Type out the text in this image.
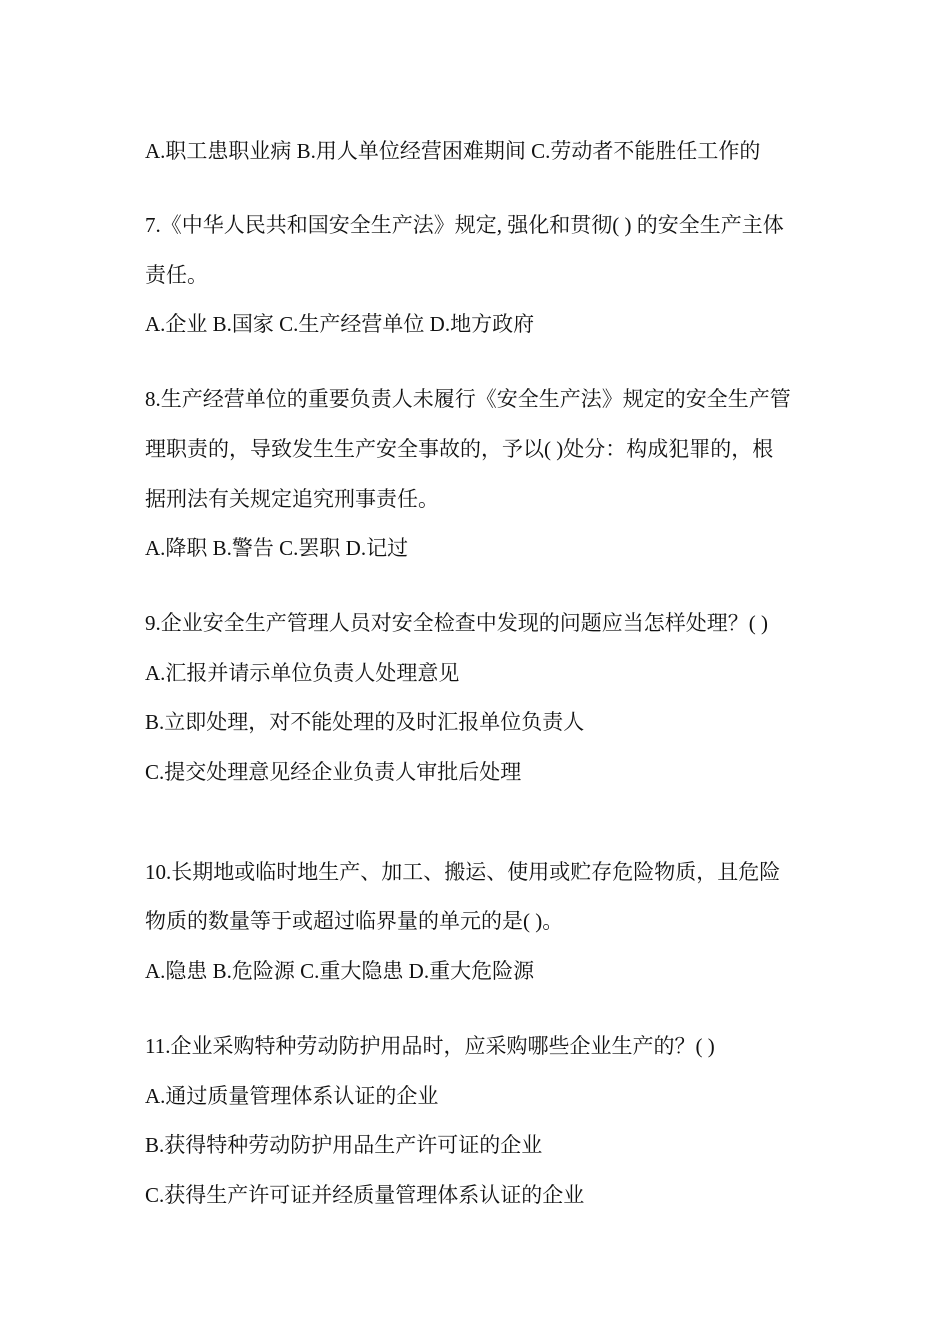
A.职工患职业病 B.用人单位经营困难期间 C.劳动者不能胜任工作的
7.《中华人民共和国安全生产法》规定, 强化和贯彻( ) 的安全生产主体
责任。
A.企业 B.国家 C.生产经营单位 D.地方政府
8.生产经营单位的重要负责人未履行《安全生产法》规定的安全生产管
理职责的，导致发生生产安全事故的，予以( )处分：构成犯罪的，根
据刑法有关规定追究刑事责任。
A.降职 B.警告 C.罢职 D.记过
9.企业安全生产管理人员对安全检查中发现的问题应当怎样处理？( )
A.汇报并请示单位负责人处理意见
B.立即处理，对不能处理的及时汇报单位负责人
C.提交处理意见经企业负责人审批后处理
10.长期地或临时地生产、加工、搬运、使用或贮存危险物质，且危险
物质的数量等于或超过临界量的单元的是( )。
A.隐患 B.危险源 C.重大隐患 D.重大危险源
11.企业采购特种劳动防护用品时，应采购哪些企业生产的？( )
A.通过质量管理体系认证的企业
B.获得特种劳动防护用品生产许可证的企业
C.获得生产许可证并经质量管理体系认证的企业
